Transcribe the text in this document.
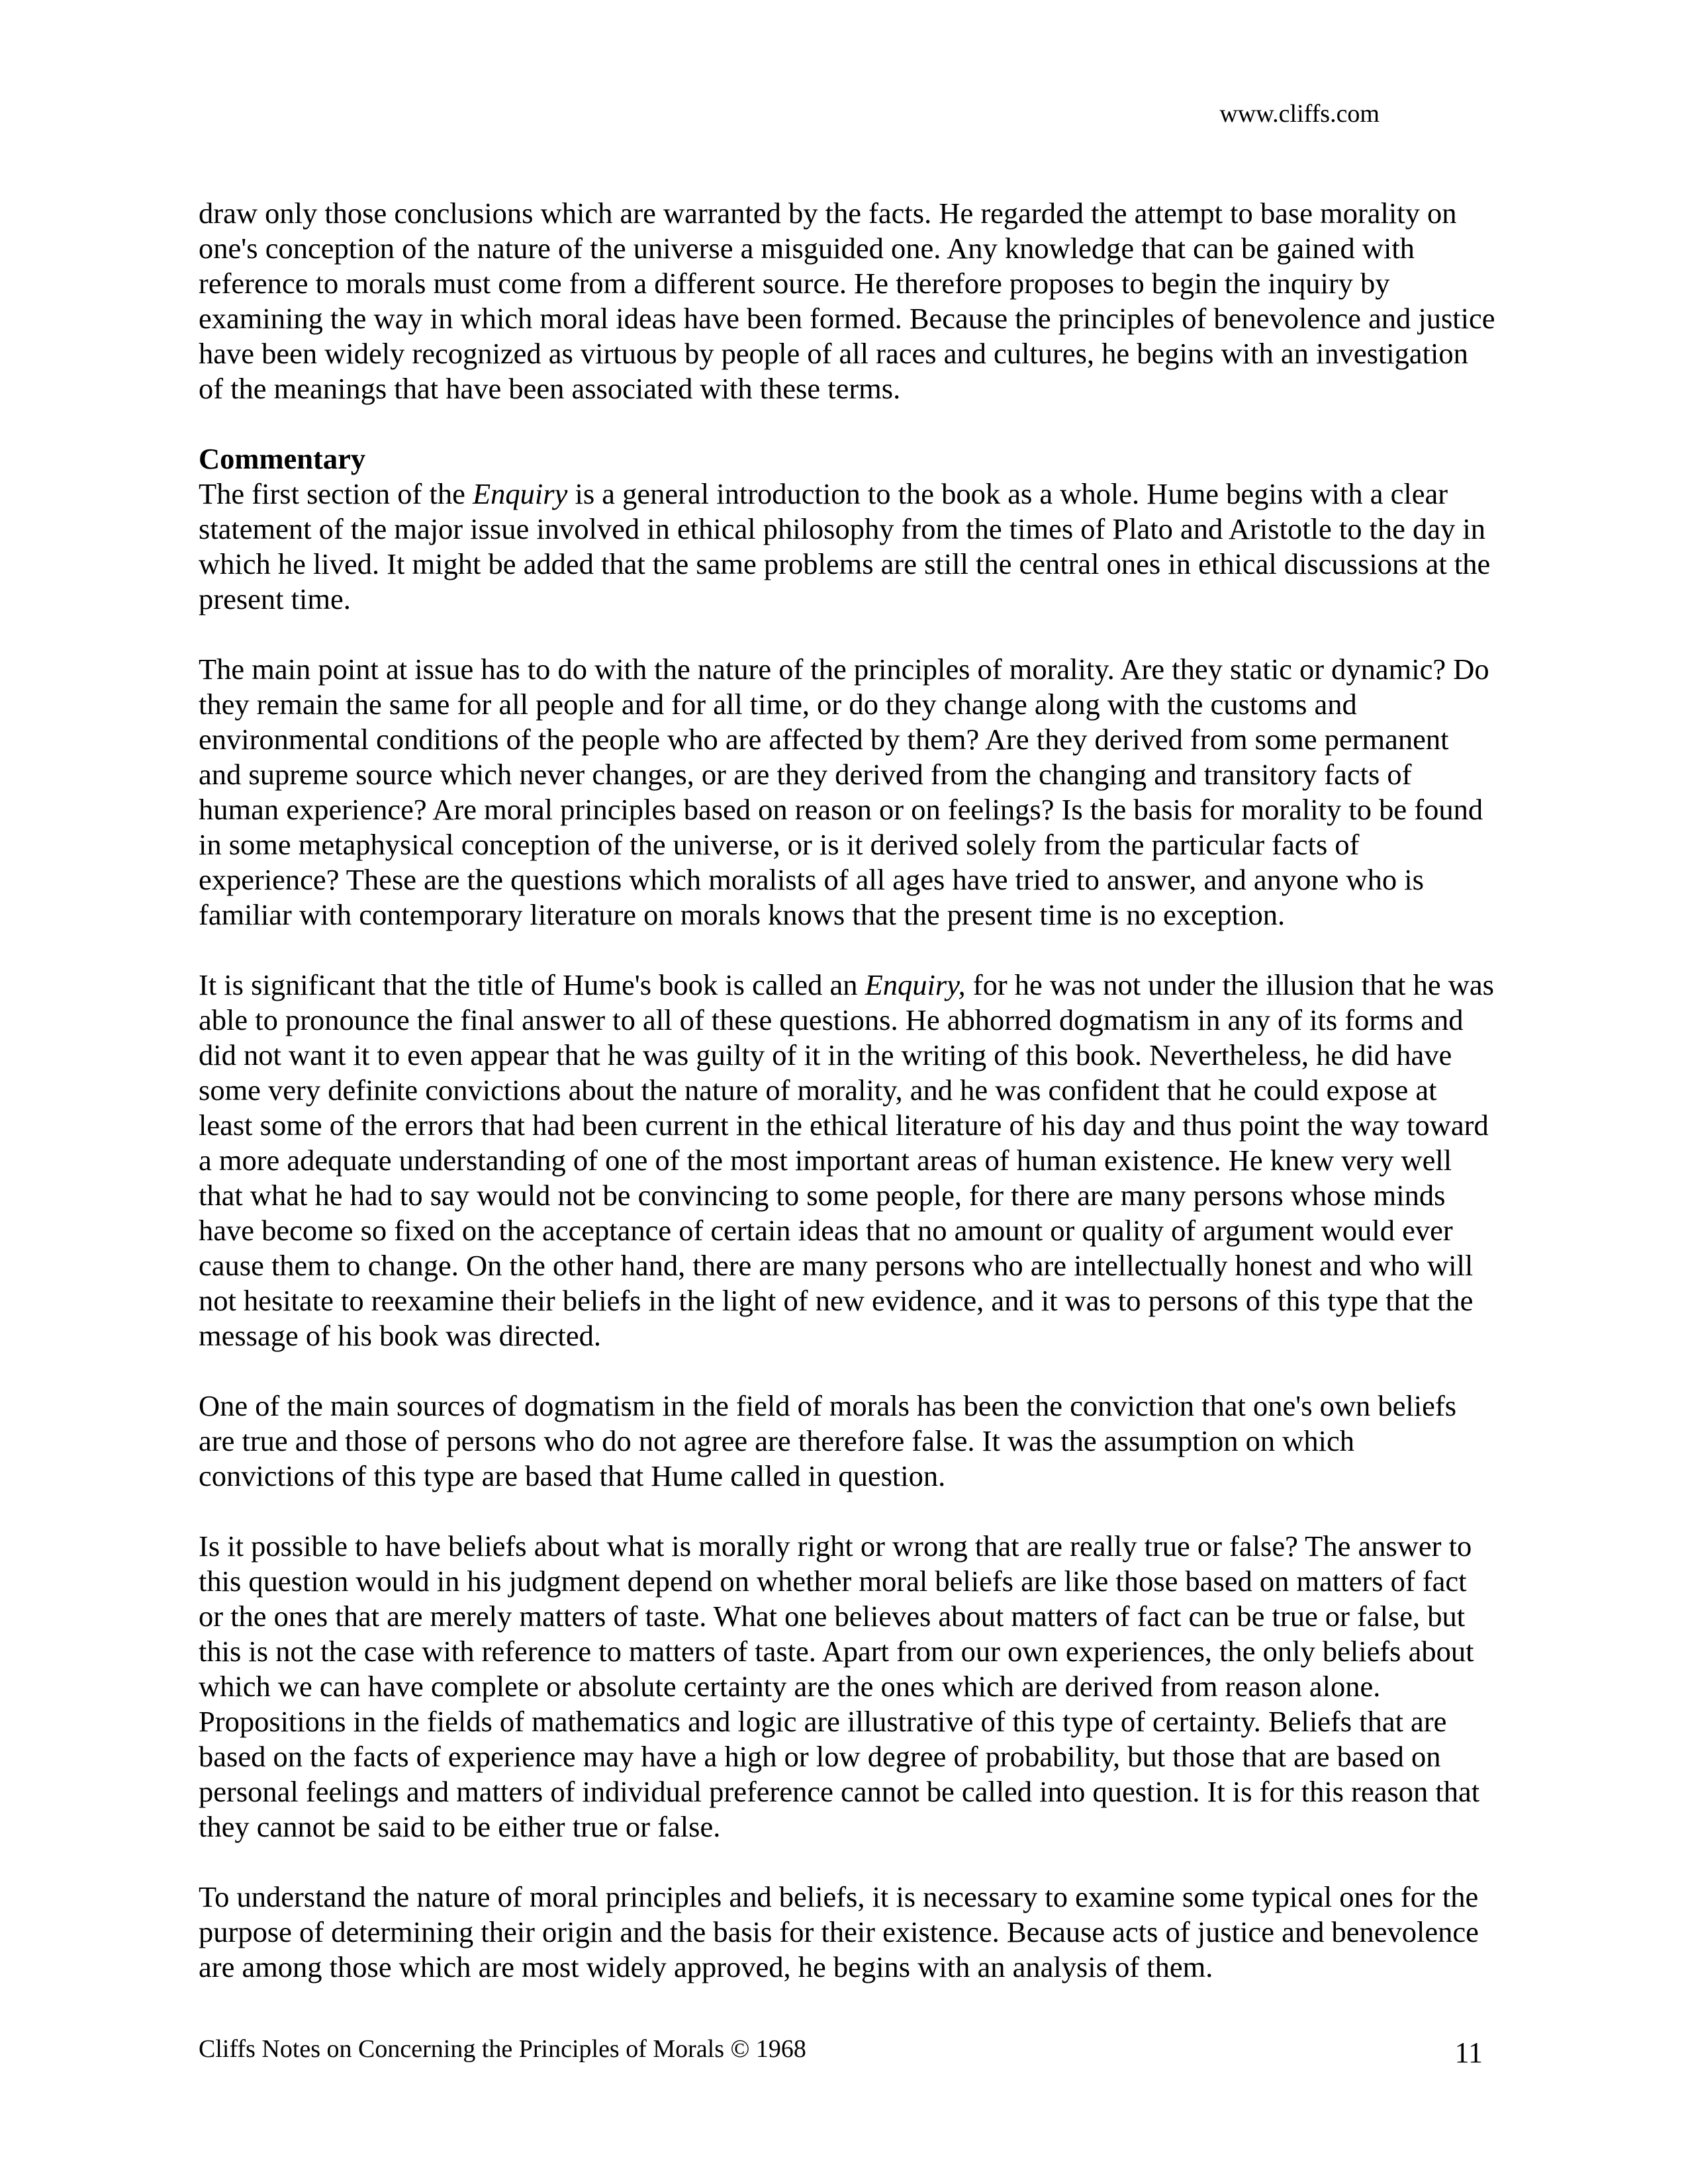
www.cliffs.com

draw only those conclusions which are warranted by the facts. He regarded the attempt to base morality on one's conception of the nature of the universe a misguided one. Any knowledge that can be gained with reference to morals must come from a different source. He therefore proposes to begin the inquiry by examining the way in which moral ideas have been formed. Because the principles of benevolence and justice have been widely recognized as virtuous by people of all races and cultures, he begins with an investigation of the meanings that have been associated with these terms.

Commentary

The first section of the Enquiry is a general introduction to the book as a whole. Hume begins with a clear statement of the major issue involved in ethical philosophy from the times of Plato and Aristotle to the day in which he lived. It might be added that the same problems are still the central ones in ethical discussions at the present time.

The main point at issue has to do with the nature of the principles of morality. Are they static or dynamic? Do they remain the same for all people and for all time, or do they change along with the customs and environmental conditions of the people who are affected by them? Are they derived from some permanent and supreme source which never changes, or are they derived from the changing and transitory facts of human experience? Are moral principles based on reason or on feelings? Is the basis for morality to be found in some metaphysical conception of the universe, or is it derived solely from the particular facts of experience? These are the questions which moralists of all ages have tried to answer, and anyone who is familiar with contemporary literature on morals knows that the present time is no exception.

It is significant that the title of Hume's book is called an Enquiry, for he was not under the illusion that he was able to pronounce the final answer to all of these questions. He abhorred dogmatism in any of its forms and did not want it to even appear that he was guilty of it in the writing of this book. Nevertheless, he did have some very definite convictions about the nature of morality, and he was confident that he could expose at least some of the errors that had been current in the ethical literature of his day and thus point the way toward a more adequate understanding of one of the most important areas of human existence. He knew very well that what he had to say would not be convincing to some people, for there are many persons whose minds have become so fixed on the acceptance of certain ideas that no amount or quality of argument would ever cause them to change. On the other hand, there are many persons who are intellectually honest and who will not hesitate to reexamine their beliefs in the light of new evidence, and it was to persons of this type that the message of his book was directed.

One of the main sources of dogmatism in the field of morals has been the conviction that one's own beliefs are true and those of persons who do not agree are therefore false. It was the assumption on which convictions of this type are based that Hume called in question.

Is it possible to have beliefs about what is morally right or wrong that are really true or false? The answer to this question would in his judgment depend on whether moral beliefs are like those based on matters of fact or the ones that are merely matters of taste. What one believes about matters of fact can be true or false, but this is not the case with reference to matters of taste. Apart from our own experiences, the only beliefs about which we can have complete or absolute certainty are the ones which are derived from reason alone. Propositions in the fields of mathematics and logic are illustrative of this type of certainty. Beliefs that are based on the facts of experience may have a high or low degree of probability, but those that are based on personal feelings and matters of individual preference cannot be called into question. It is for this reason that they cannot be said to be either true or false.

To understand the nature of moral principles and beliefs, it is necessary to examine some typical ones for the purpose of determining their origin and the basis for their existence. Because acts of justice and benevolence are among those which are most widely approved, he begins with an analysis of them.

Cliffs Notes on Concerning the Principles of Morals © 1968	11
